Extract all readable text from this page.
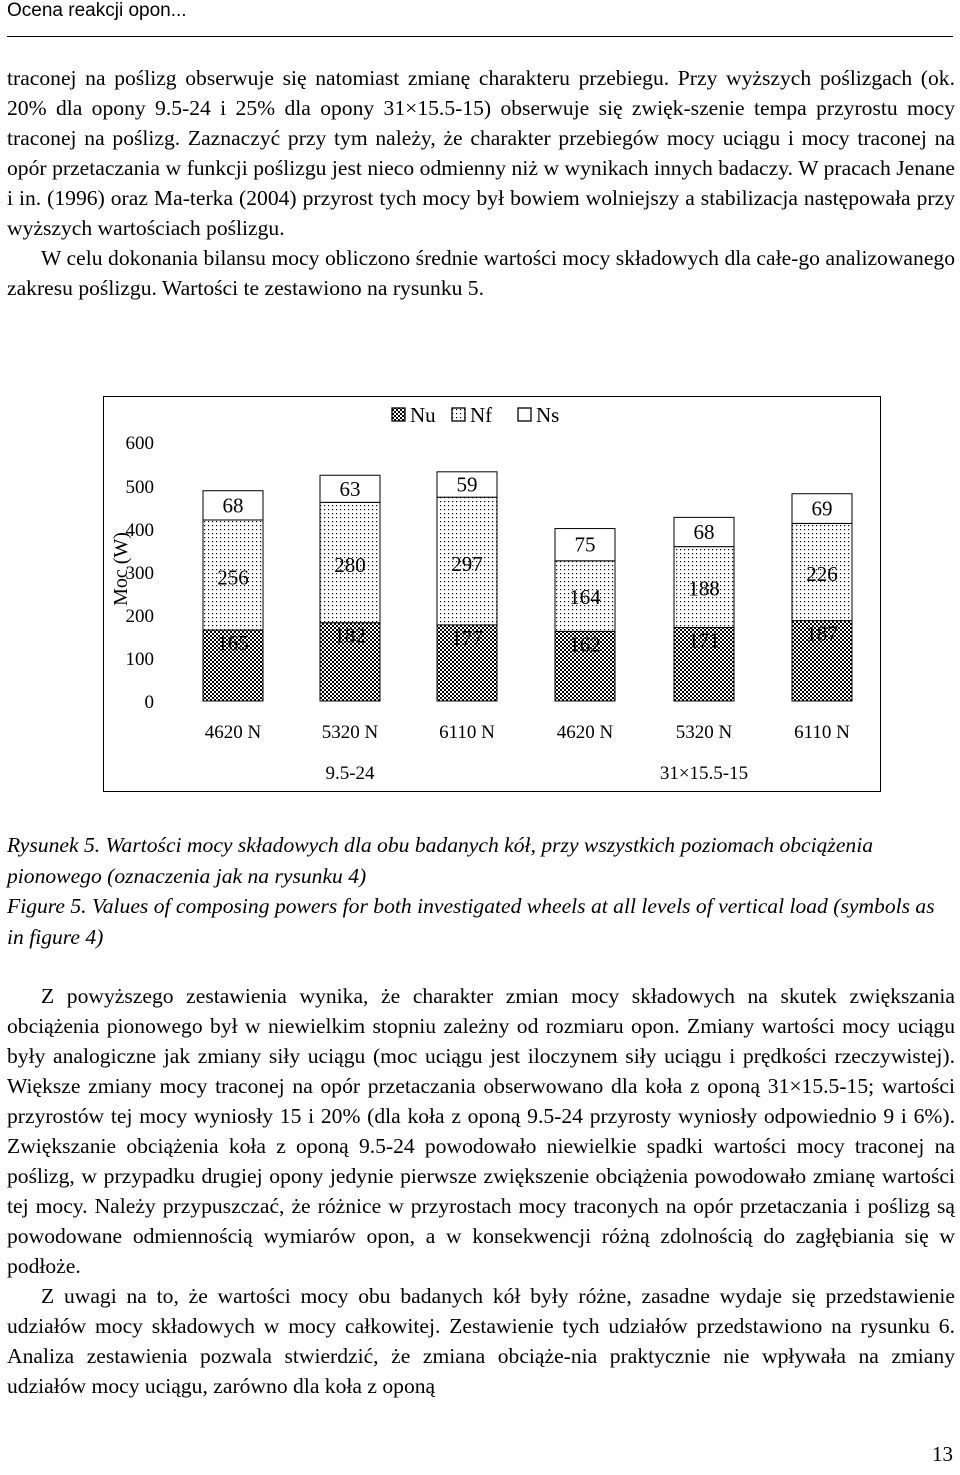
Ocena reakcji opon...

traconej na poślizg obserwuje się natomiast zmianę charakteru przebiegu. Przy wyższych poślizgach (ok. 20% dla opony 9.5-24 i 25% dla opony 31×15.5-15) obserwuje się zwięk-szenie tempa przyrostu mocy traconej na poślizg. Zaznaczyć przy tym należy, że charakter przebiegów mocy uciągu i mocy traconej na opór przetaczania w funkcji poślizgu jest nieco odmienny niż w wynikach innych badaczy. W pracach Jenane i in. (1996) oraz Ma-terka (2004) przyrost tych mocy był bowiem wolniejszy a stabilizacja następowała przy wyższych wartościach poślizgu.

W celu dokonania bilansu mocy obliczono średnie wartości mocy składowych dla całe-go analizowanego zakresu poślizgu. Wartości te zestawiono na rysunku 5.

Nu Nf Ns
Moc (W)
0
100
200
300
400
500
600
4620 N	5320 N	6110 N	4620 N	5320 N	6110 N
9.5-24	31×15.5-15
165
256
68
182
280
63
177
297
59
162
164
75
171
188
68
187
226
69

Rysunek 5. Wartości mocy składowych dla obu badanych kół, przy wszystkich poziomach obciążenia pionowego (oznaczenia jak na rysunku 4)

Figure 5. Values of composing powers for both investigated wheels at all levels of vertical load (symbols as in figure 4)

Z powyższego zestawienia wynika, że charakter zmian mocy składowych na skutek zwiększania obciążenia pionowego był w niewielkim stopniu zależny od rozmiaru opon. Zmiany wartości mocy uciągu były analogiczne jak zmiany siły uciągu (moc uciągu jest iloczynem siły uciągu i prędkości rzeczywistej). Większe zmiany mocy traconej na opór przetaczania obserwowano dla koła z oponą 31×15.5-15; wartości przyrostów tej mocy wyniosły 15 i 20% (dla koła z oponą 9.5-24 przyrosty wyniosły odpowiednio 9 i 6%). Zwiększanie obciążenia koła z oponą 9.5-24 powodowało niewielkie spadki wartości mocy traconej na poślizg, w przypadku drugiej opony jedynie pierwsze zwiększenie obciążenia powodowało zmianę wartości tej mocy. Należy przypuszczać, że różnice w przyrostach mocy traconych na opór przetaczania i poślizg są powodowane odmiennością wymiarów opon, a w konsekwencji różną zdolnością do zagłębiania się w podłoże.

Z uwagi na to, że wartości mocy obu badanych kół były różne, zasadne wydaje się przedstawienie udziałów mocy składowych w mocy całkowitej. Zestawienie tych udziałów przedstawiono na rysunku 6. Analiza zestawienia pozwala stwierdzić, że zmiana obciąże-nia praktycznie nie wpływała na zmiany udziałów mocy uciągu, zarówno dla koła z oponą

13
